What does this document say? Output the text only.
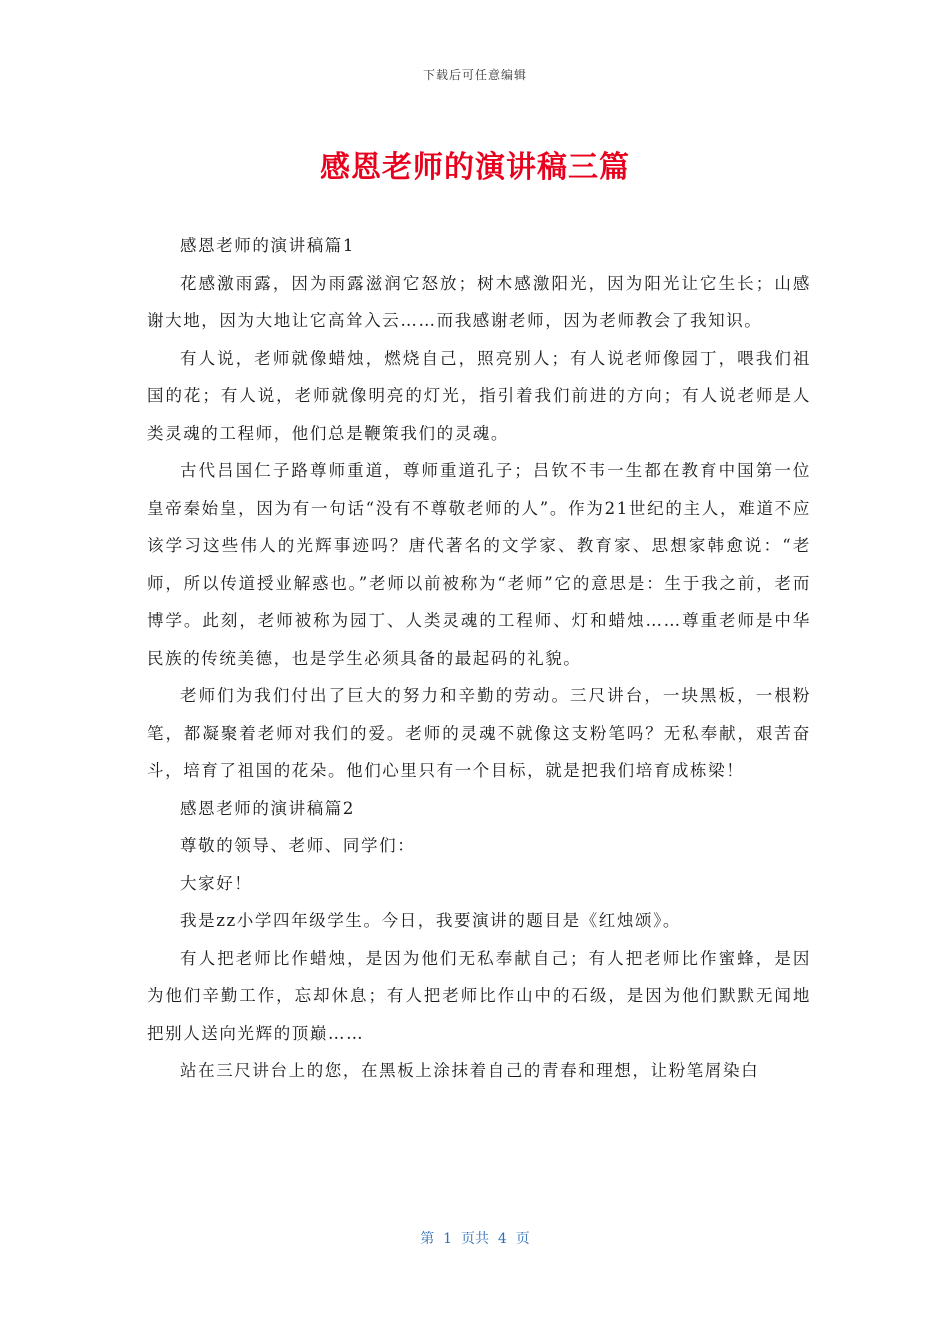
下载后可任意编辑
感恩老师的演讲稿三篇

感恩老师的演讲稿篇1

花感激雨露，因为雨露滋润它怒放；树木感激阳光，因为阳光让它生长；山感谢大地，因为大地让它高耸入云……而我感谢老师，因为老师教会了我知识。

有人说，老师就像蜡烛，燃烧自己，照亮别人；有人说老师像园丁，喂我们祖国的花；有人说，老师就像明亮的灯光，指引着我们前进的方向；有人说老师是人类灵魂的工程师，他们总是鞭策我们的灵魂。

古代吕国仁子路尊师重道，尊师重道孔子；吕钦不韦一生都在教育中国第一位皇帝秦始皇，因为有一句话“没有不尊敬老师的人”。作为21世纪的主人，难道不应该学习这些伟人的光辉事迹吗？唐代著名的文学家、教育家、思想家韩愈说：“老师，所以传道授业解惑也。”老师以前被称为“老师”它的意思是：生于我之前，老而博学。此刻，老师被称为园丁、人类灵魂的工程师、灯和蜡烛……尊重老师是中华民族的传统美德，也是学生必须具备的最起码的礼貌。

老师们为我们付出了巨大的努力和辛勤的劳动。三尺讲台，一块黑板，一根粉笔，都凝聚着老师对我们的爱。老师的灵魂不就像这支粉笔吗？无私奉献，艰苦奋斗，培育了祖国的花朵。他们心里只有一个目标，就是把我们培育成栋梁！

感恩老师的演讲稿篇2

尊敬的领导、老师、同学们：

大家好！

我是zz小学四年级学生。今日，我要演讲的题目是《红烛颂》。

有人把老师比作蜡烛，是因为他们无私奉献自己；有人把老师比作蜜蜂，是因为他们辛勤工作，忘却休息；有人把老师比作山中的石级，是因为他们默默无闻地把别人送向光辉的顶巅……

站在三尺讲台上的您，在黑板上涂抹着自己的青春和理想，让粉笔屑染白

第  1  页共  4  页
